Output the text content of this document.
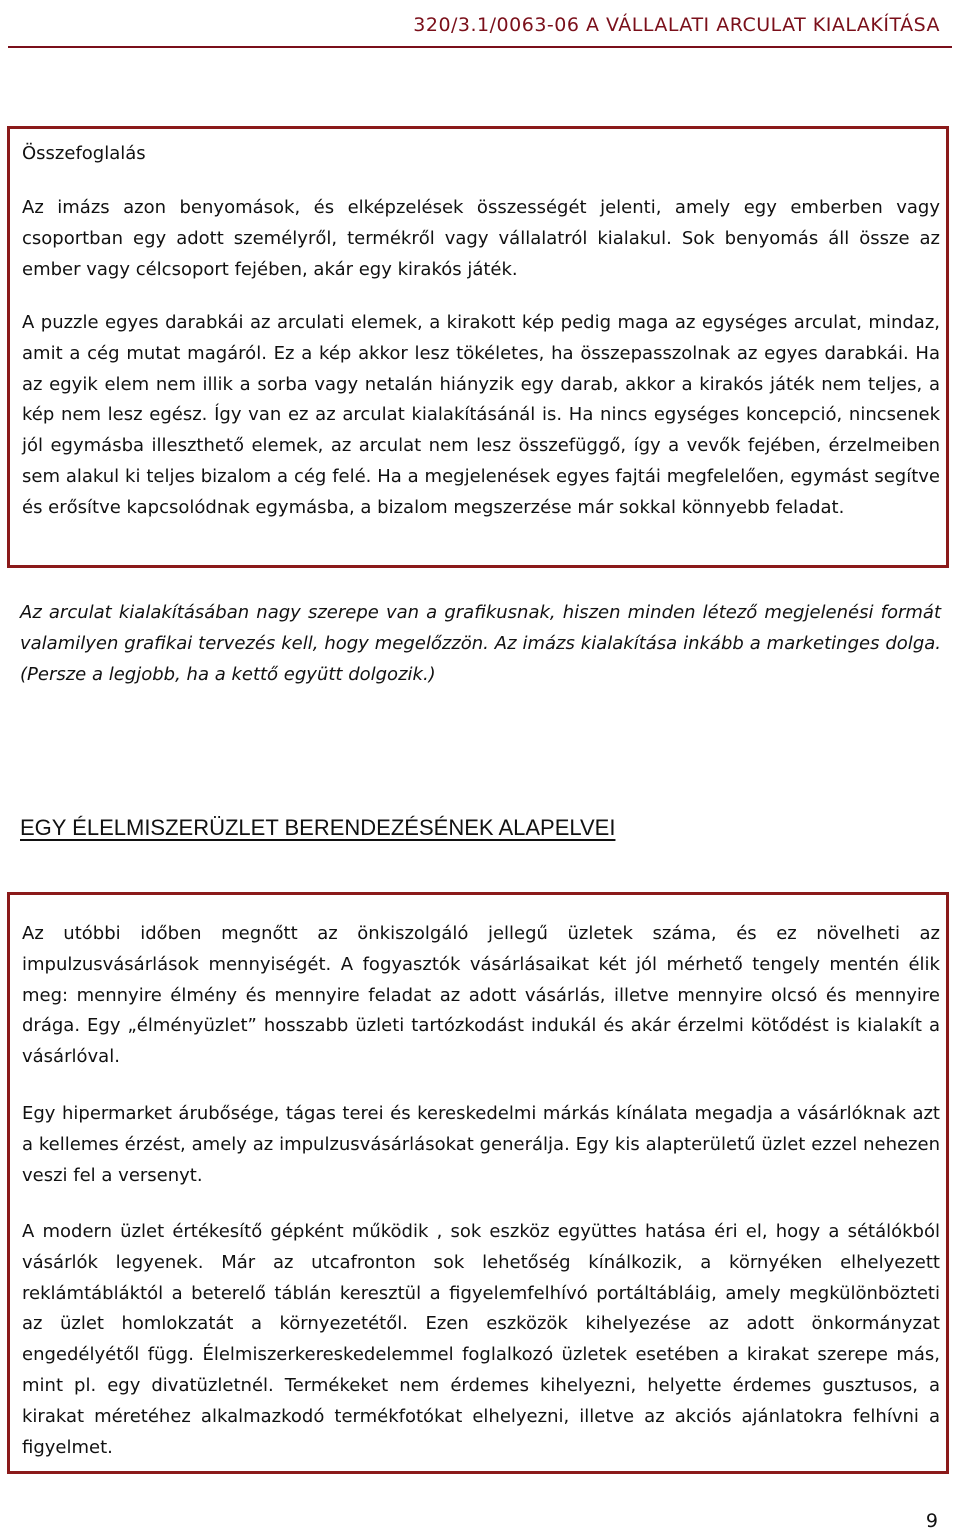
320/3.1/0063-06 A VÁLLALATI ARCULAT KIALAKÍTÁSA
Összefoglalás
Az imázs azon benyomások, és elképzelések összességét jelenti, amely egy emberben vagy csoportban egy adott személyről, termékről vagy vállalatról kialakul. Sok benyomás áll össze az ember vagy célcsoport fejében, akár egy kirakós játék.
A puzzle egyes darabkái az arculati elemek, a kirakott kép pedig maga az egységes arculat, mindaz, amit a cég mutat magáról. Ez a kép akkor lesz tökéletes, ha összepasszolnak az egyes darabkái. Ha az egyik elem nem illik a sorba vagy netalán hiányzik egy darab, akkor a kirakós játék nem teljes, a kép nem lesz egész. Így van ez az arculat kialakításánál is. Ha nincs egységes koncepció, nincsenek jól egymásba illeszthető elemek, az arculat nem lesz összefüggő, így a vevők fejében, érzelmeiben sem alakul ki teljes bizalom a cég felé. Ha a megjelenések egyes fajtái megfelelően, egymást segítve és erősítve kapcsolódnak egymásba, a bizalom megszerzése már sokkal könnyebb feladat.
Az arculat kialakításában nagy szerepe van a grafikusnak, hiszen minden létező megjelenési formát valamilyen grafikai tervezés kell, hogy megelőzzön. Az imázs kialakítása inkább a marketinges dolga. (Persze a legjobb, ha a kettő együtt dolgozik.)
EGY ÉLELMISZERÜZLET BERENDEZÉSÉNEK ALAPELVEI
Az utóbbi időben megnőtt az önkiszolgáló jellegű üzletek száma, és ez növelheti az impulzusvásárlások mennyiségét. A fogyasztók vásárlásaikat két jól mérhető tengely mentén élik meg: mennyire élmény és mennyire feladat az adott vásárlás, illetve mennyire olcsó és mennyire drága. Egy „élményüzlet” hosszabb üzleti tartózkodást indukál és akár érzelmi kötődést is kialakít a vásárlóval.
Egy hipermarket árubősége, tágas terei és kereskedelmi márkás kínálata megadja a vásárlóknak azt a kellemes érzést, amely az impulzusvásárlásokat generálja. Egy kis alapterületű üzlet ezzel nehezen veszi fel a versenyt.
A modern üzlet értékesítő gépként működik , sok eszköz együttes hatása éri el, hogy a sétálókból vásárlók legyenek. Már az utcafronton sok lehetőség kínálkozik, a környéken elhelyezett reklámtábláktól a beterelő táblán keresztül a figyelemfelhívó portáltábláig, amely megkülönbözteti az üzlet homlokzatát a környezetétől. Ezen eszközök kihelyezése az adott önkormányzat engedélyétől függ. Élelmiszerkereskedelemmel foglalkozó üzletek esetében a kirakat szerepe más, mint pl. egy divatüzletnél. Termékeket nem érdemes kihelyezni, helyette érdemes gusztusos, a kirakat méretéhez alkalmazkodó termékfotókat elhelyezni, illetve az akciós ajánlatokra felhívni a figyelmet.
9
